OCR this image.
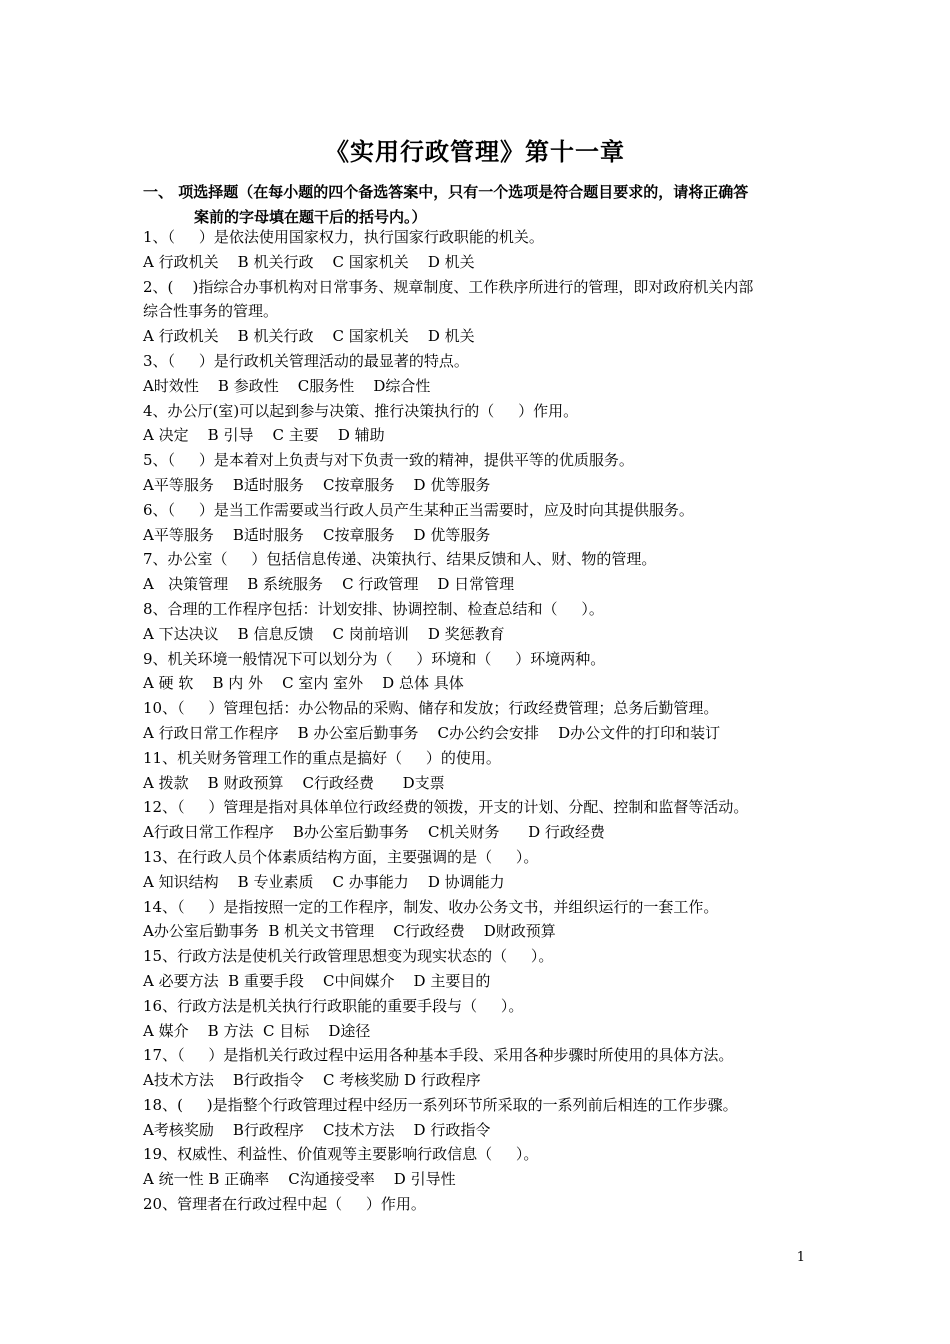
《实用行政管理》第十一章
一、 项选择题（在每小题的四个备选答案中，只有一个选项是符合题目要求的，请将正确答
案前的字母填在题干后的括号内。）
1、（     ）是依法使用国家权力，执行国家行政职能的机关。
A 行政机关    B 机关行政    C 国家机关    D 机关
2、(    )指综合办事机构对日常事务、规章制度、工作秩序所进行的管理，即对政府机关内部
综合性事务的管理。
A 行政机关    B 机关行政    C 国家机关    D 机关
3、（     ）是行政机关管理活动的最显著的特点。
A时效性    B 参政性    C服务性    D综合性
4、办公厅(室)可以起到参与决策、推行决策执行的（     ）作用。
A 决定    B 引导    C 主要    D 辅助
5、（     ）是本着对上负责与对下负责一致的精神，提供平等的优质服务。
A平等服务    B适时服务    C按章服务    D 优等服务
6、（     ）是当工作需要或当行政人员产生某种正当需要时，应及时向其提供服务。
A平等服务    B适时服务    C按章服务    D 优等服务
7、办公室（     ）包括信息传递、决策执行、结果反馈和人、财、物的管理。
A   决策管理    B 系统服务    C 行政管理    D 日常管理
8、合理的工作程序包括：计划安排、协调控制、检查总结和（     ）。
A 下达决议    B 信息反馈    C 岗前培训    D 奖惩教育
9、机关环境一般情况下可以划分为（     ）环境和（     ）环境两种。
A 硬 软    B 内 外    C 室内 室外    D 总体 具体
10、（     ）管理包括：办公物品的采购、储存和发放；行政经费管理；总务后勤管理。
A 行政日常工作程序    B 办公室后勤事务    C办公约会安排    D办公文件的打印和装订
11、机关财务管理工作的重点是搞好（     ）的使用。
A 拨款    B 财政预算    C行政经费      D支票
12、（     ）管理是指对具体单位行政经费的领拨，开支的计划、分配、控制和监督等活动。
A行政日常工作程序    B办公室后勤事务    C机关财务      D 行政经费
13、在行政人员个体素质结构方面，主要强调的是（     ）。
A 知识结构    B 专业素质    C 办事能力    D 协调能力
14、（     ）是指按照一定的工作程序，制发、收办公务文书，并组织运行的一套工作。
A办公室后勤事务  B 机关文书管理    C行政经费    D财政预算
15、行政方法是使机关行政管理思想变为现实状态的（     ）。
A 必要方法  B 重要手段    C中间媒介    D 主要目的
16、行政方法是机关执行行政职能的重要手段与（     ）。
A 媒介    B 方法  C 目标    D途径
17、（     ）是指机关行政过程中运用各种基本手段、采用各种步骤时所使用的具体方法。
A技术方法    B行政指令    C 考核奖励 D 行政程序
18、(     )是指整个行政管理过程中经历一系列环节所采取的一系列前后相连的工作步骤。
A考核奖励    B行政程序    C技术方法    D 行政指令
19、权威性、利益性、价值观等主要影响行政信息（     ）。
A 统一性 B 正确率    C沟通接受率    D 引导性
20、管理者在行政过程中起（     ）作用。
1
